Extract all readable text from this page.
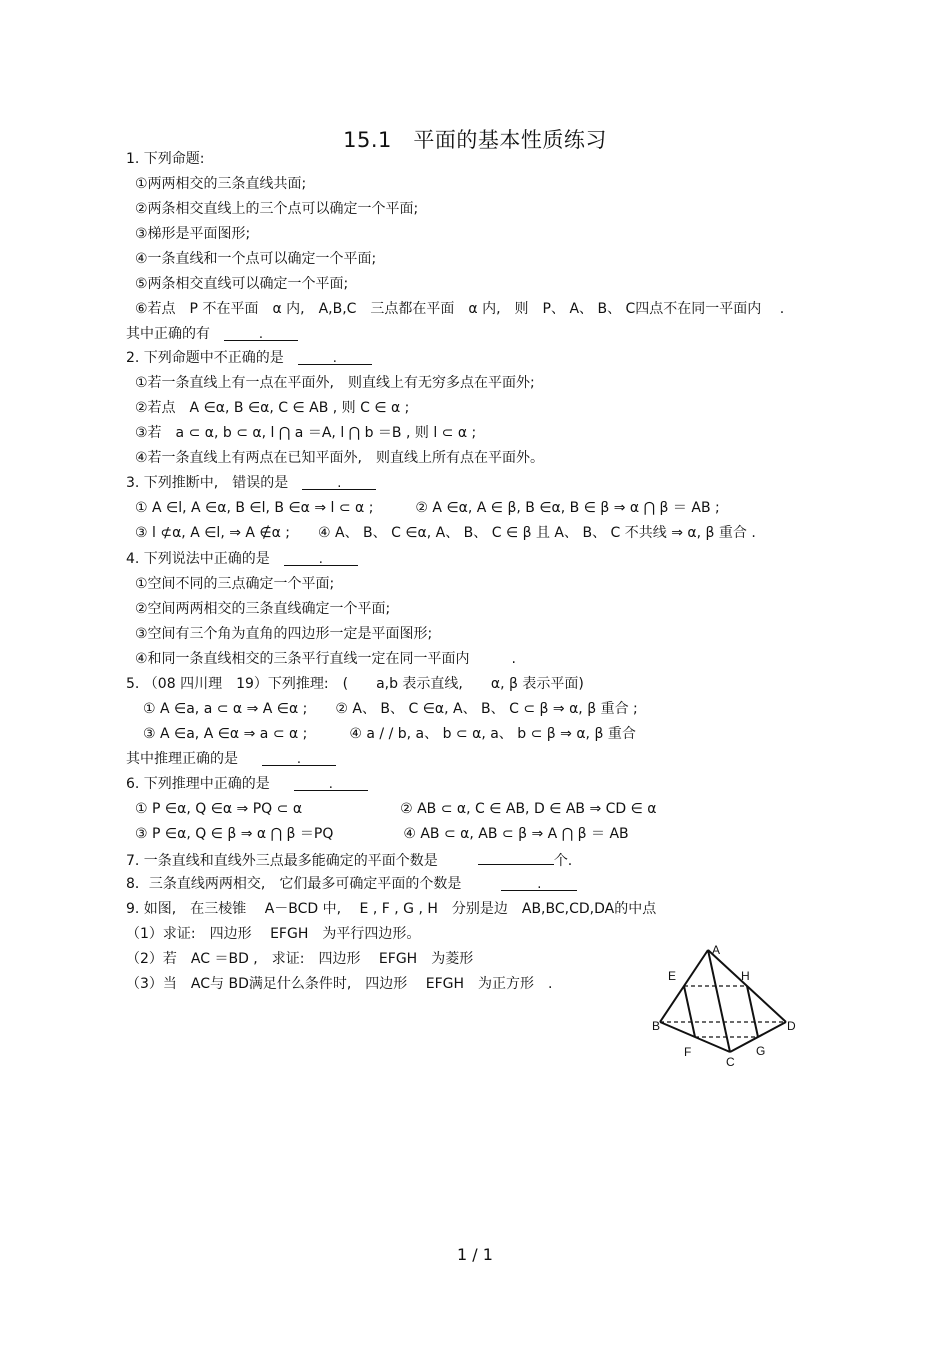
15.1　平面的基本性质练习
1. 下列命题:
①两两相交的三条直线共面;
②两条相交直线上的三个点可以确定一个平面;
③梯形是平面图形;
④一条直线和一个点可以确定一个平面;
⑤两条相交直线可以确定一个平面;
⑥若点　P 不在平面　α 内,　A,B,C　三点都在平面　α 内,　则　P、 A、 B、 C四点不在同一平面内　 .
其中正确的有	.
2. 下列命题中不正确的是	.
①若一条直线上有一点在平面外,　则直线上有无穷多点在平面外;
②若点　A ∈α, B ∈α, C ∈ AB , 则 C ∈ α ;
③若　a ⊂ α, b ⊂ α, l ⋂ a ＝A, l ⋂ b ＝B , 则 l ⊂ α ;
④若一条直线上有两点在已知平面外,　则直线上所有点在平面外。
3. 下列推断中,　错误的是	.
① A ∈l, A ∈α, B ∈l, B ∈α ⇒ l ⊂ α ;　　　② A ∈α, A ∈ β, B ∈α, B ∈ β ⇒ α ⋂ β ＝ AB ;
③ l ⊄α, A ∈l, ⇒ A ∉α ;　　④ A、 B、 C ∈α, A、 B、 C ∈ β 且 A、 B、 C 不共线 ⇒ α, β 重合 .
4. 下列说法中正确的是	.
①空间不同的三点确定一个平面;
②空间两两相交的三条直线确定一个平面;
③空间有三个角为直角的四边形一定是平面图形;
④和同一条直线相交的三条平行直线一定在同一平面内　　　.
5. （08 四川理　19）下列推理:　(　　a,b 表示直线,　　α, β 表示平面)
① A ∈a, a ⊂ α ⇒ A ∈α ;　　② A、 B、 C ∈α, A、 B、 C ⊂ β ⇒ α, β 重合 ;
③ A ∈a, A ∈α ⇒ a ⊂ α ;　　　④ a / / b, a、 b ⊂ α, a、 b ⊂ β ⇒ α, β 重合
其中推理正确的是	.
6. 下列推理中正确的是	.
① P ∈α, Q ∈α ⇒ PQ ⊂ α　　　　　　　② AB ⊂ α, C ∈ AB, D ∈ AB ⇒ CD ∈ α
③ P ∈α, Q ∈ β ⇒ α ⋂ β ＝PQ　　　　　④ AB ⊂ α, AB ⊂ β ⇒ A ⋂ β ＝ AB
7. 一条直线和直线外三点最多能确定的平面个数是	个.
8．三条直线两两相交,　它们最多可确定平面的个数是	.
9. 如图,　在三棱锥　 A－BCD 中,　 E , F , G , H　分别是边　AB,BC,CD,DA的中点
（1）求证:　四边形　 EFGH　为平行四边形。
（2）若　AC ＝BD ,　求证:　四边形　 EFGH　为菱形
（3）当　AC与 BD满足什么条件时,　四边形　 EFGH　为正方形　.
A
E	H
B	D
F	G
C
1 / 1
